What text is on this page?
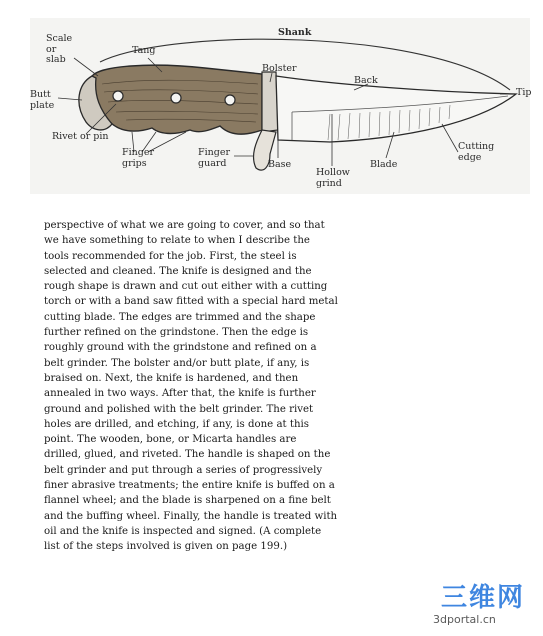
Shank
Scale
or
slab
Tang
Butt
plate
Bolster
Back
Tip
Rivet or pin
Finger
grips
Finger
guard	Base
Hollow
grind
Blade
Cutting
edge
perspective of what we are going to cover, and so that
we have something to relate to when I describe the
tools recommended for the job. First, the steel is
selected and cleaned. The knife is designed and the
rough shape is drawn and cut out either with a cutting
torch or with a band saw fitted with a special hard metal
cutting blade. The edges are trimmed and the shape
further refined on the grindstone. Then the edge is
roughly ground with the grindstone and refined on a
belt grinder. The bolster and/or butt plate, if any, is
braised on. Next, the knife is hardened, and then
annealed in two ways. After that, the knife is further
ground and polished with the belt grinder. The rivet
holes are drilled, and etching, if any, is done at this
point. The wooden, bone, or Micarta handles are
drilled, glued, and riveted. The handle is shaped on the
belt grinder and put through a series of progressively
finer abrasive treatments; the entire knife is buffed on a
flannel wheel; and the blade is sharpened on a fine belt
and the buffing wheel. Finally, the handle is treated with
oil and the knife is inspected and signed. (A complete
list of the steps involved is given on page 199.)
三维网
3dportal.cn
